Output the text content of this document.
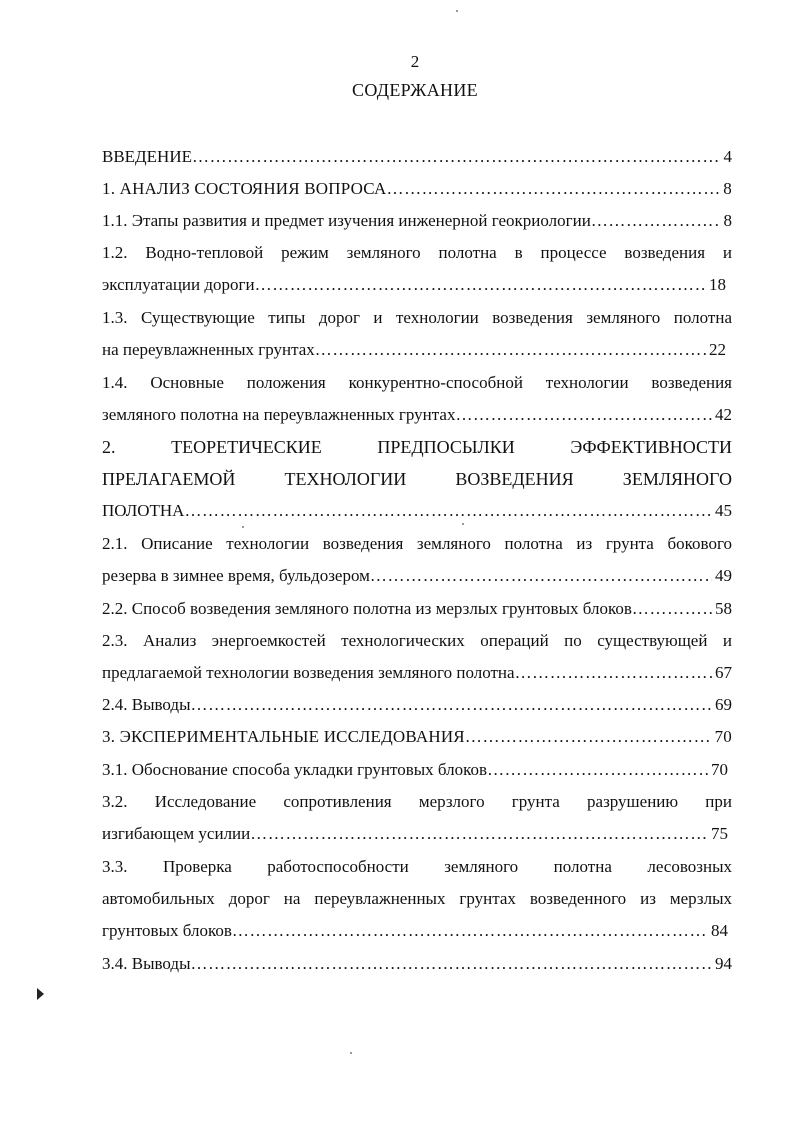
2
СОДЕРЖАНИЕ
ВВЕДЕНИЕ …………………………………………………………………………………………………………………………………………………………………………………………………………	4
1. АНАЛИЗ СОСТОЯНИЯ ВОПРОСА …………………………………………………………………………………………………………………………………………………………………………………………………………	8
1.1. Этапы развития и предмет изучения инженерной геокриологии …………………………………………………………………………………………………………………………………………………………………………………………………………	8
1.2. Водно-тепловой режим земляного полотна в процессе возведения и
эксплуатации дороги …………………………………………………………………………………………………………………………………………………………………………………………………………	18
1.3. Существующие типы дорог и технологии возведения земляного полотна
на переувлажненных грунтах …………………………………………………………………………………………………………………………………………………………………………………………………………	22
1.4. Основные положения конкурентно-способной технологии возведения
земляного полотна на переувлажненных грунтах …………………………………………………………………………………………………………………………………………………………………………………………………………	42
2. ТЕОРЕТИЧЕСКИЕ ПРЕДПОСЫЛКИ ЭФФЕКТИВНОСТИ
ПРЕЛАГАЕМОЙ ТЕХНОЛОГИИ ВОЗВЕДЕНИЯ ЗЕМЛЯНОГО
ПОЛОТНА …………………………………………………………………………………………………………………………………………………………………………………………………………	45
2.1. Описание технологии возведения земляного полотна из грунта бокового
резерва в зимнее время, бульдозером …………………………………………………………………………………………………………………………………………………………………………………………………………	49
2.2. Способ возведения земляного полотна из мерзлых грунтовых блоков …………………………………………………………………………………………………………………………………………………………………………………………………………	58
2.3. Анализ энергоемкостей технологических операций по существующей и
предлагаемой технологии возведения земляного полотна …………………………………………………………………………………………………………………………………………………………………………………………………………	67
2.4. Выводы …………………………………………………………………………………………………………………………………………………………………………………………………………	69
3. ЭКСПЕРИМЕНТАЛЬНЫЕ ИССЛЕДОВАНИЯ …………………………………………………………………………………………………………………………………………………………………………………………………………	70
3.1. Обоснование способа укладки грунтовых блоков …………………………………………………………………………………………………………………………………………………………………………………………………………	70
3.2. Исследование сопротивления мерзлого грунта разрушению при
изгибающем усилии …………………………………………………………………………………………………………………………………………………………………………………………………………	75
3.3. Проверка работоспособности земляного полотна лесовозных
автомобильных дорог на переувлажненных грунтах возведенного из мерзлых
грунтовых блоков …………………………………………………………………………………………………………………………………………………………………………………………………………	84
3.4. Выводы …………………………………………………………………………………………………………………………………………………………………………………………………………	94
